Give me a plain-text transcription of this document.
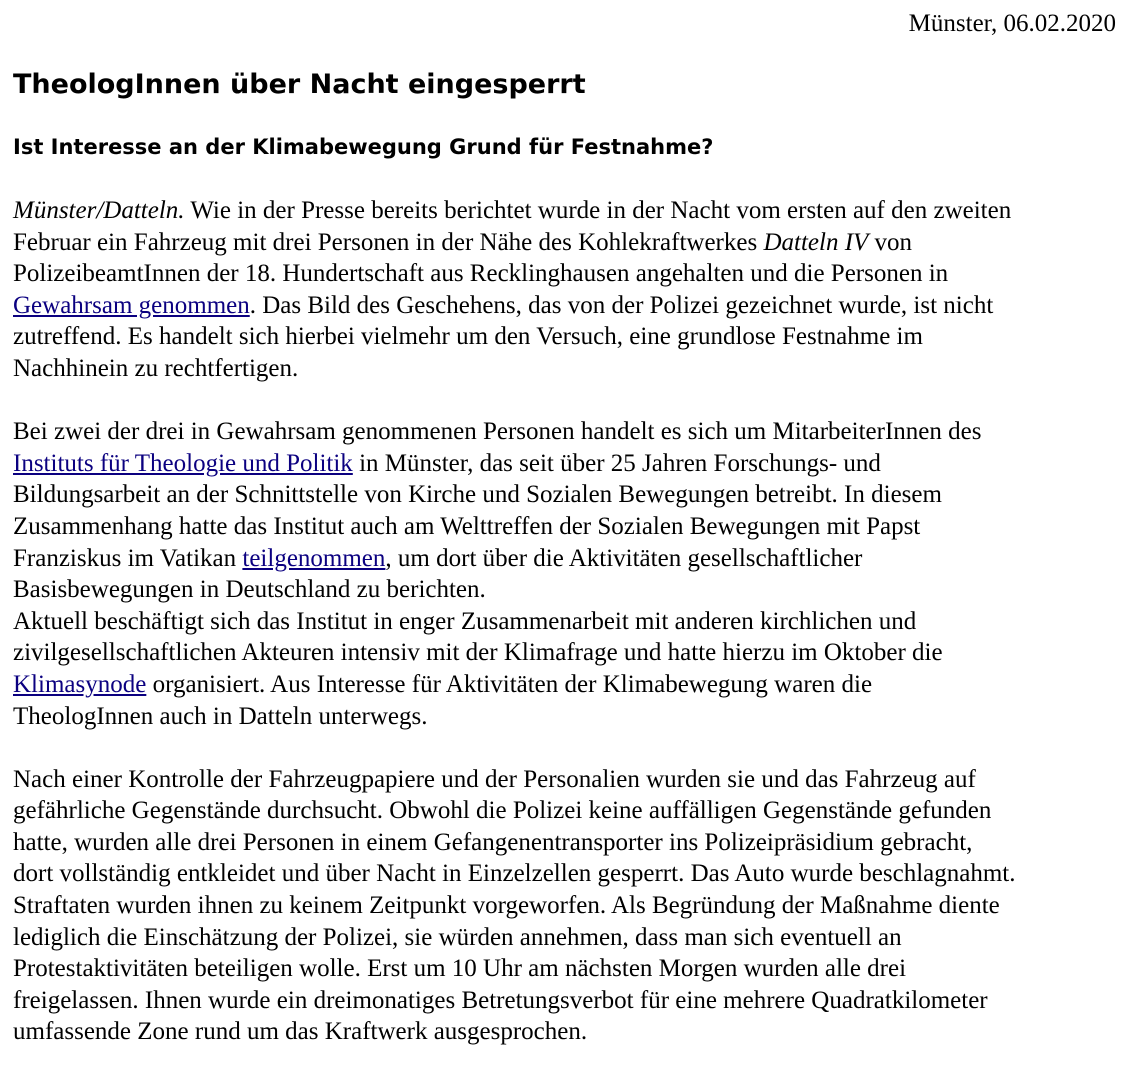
Münster, 06.02.2020
TheologInnen über Nacht eingesperrt
Ist Interesse an der Klimabewegung Grund für Festnahme?
Münster/Datteln. Wie in der Presse bereits berichtet wurde in der Nacht vom ersten auf den zweiten
Februar ein Fahrzeug mit drei Personen in der Nähe des Kohlekraftwerkes Datteln IV von
PolizeibeamtInnen der 18. Hundertschaft aus Recklinghausen angehalten und die Personen in
Gewahrsam genommen. Das Bild des Geschehens, das von der Polizei gezeichnet wurde, ist nicht
zutreffend. Es handelt sich hierbei vielmehr um den Versuch, eine grundlose Festnahme im
Nachhinein zu rechtfertigen.
Bei zwei der drei in Gewahrsam genommenen Personen handelt es sich um MitarbeiterInnen des
Instituts für Theologie und Politik in Münster, das seit über 25 Jahren Forschungs- und
Bildungsarbeit an der Schnittstelle von Kirche und Sozialen Bewegungen betreibt. In diesem
Zusammenhang hatte das Institut auch am Welttreffen der Sozialen Bewegungen mit Papst
Franziskus im Vatikan teilgenommen, um dort über die Aktivitäten gesellschaftlicher
Basisbewegungen in Deutschland zu berichten.
Aktuell beschäftigt sich das Institut in enger Zusammenarbeit mit anderen kirchlichen und
zivilgesellschaftlichen Akteuren intensiv mit der Klimafrage und hatte hierzu im Oktober die
Klimasynode organisiert. Aus Interesse für Aktivitäten der Klimabewegung waren die
TheologInnen auch in Datteln unterwegs.
Nach einer Kontrolle der Fahrzeugpapiere und der Personalien wurden sie und das Fahrzeug auf
gefährliche Gegenstände durchsucht. Obwohl die Polizei keine auffälligen Gegenstände gefunden
hatte, wurden alle drei Personen in einem Gefangenentransporter ins Polizeipräsidium gebracht,
dort vollständig entkleidet und über Nacht in Einzelzellen gesperrt. Das Auto wurde beschlagnahmt.
Straftaten wurden ihnen zu keinem Zeitpunkt vorgeworfen. Als Begründung der Maßnahme diente
lediglich die Einschätzung der Polizei, sie würden annehmen, dass man sich eventuell an
Protestaktivitäten beteiligen wolle. Erst um 10 Uhr am nächsten Morgen wurden alle drei
freigelassen. Ihnen wurde ein dreimonatiges Betretungsverbot für eine mehrere Quadratkilometer
umfassende Zone rund um das Kraftwerk ausgesprochen.
